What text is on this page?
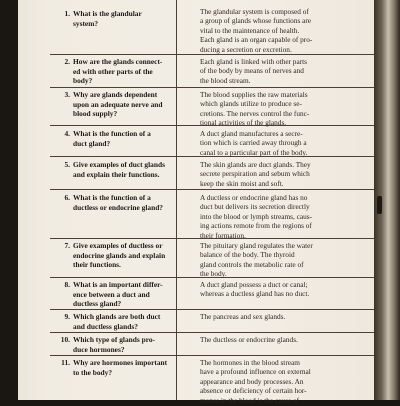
1. What is the glandular
system?
The glandular system is composed of
a group of glands whose functions are
vital to the maintenance of health.
Each gland is an organ capable of pro-
ducing a secretion or excretion.
2. How are the glands connect-
ed with other parts of the
body?
Each gland is linked with other parts
of the body by means of nerves and
the blood stream.
3. Why are glands dependent
upon an adequate nerve and
blood supply?
The blood supplies the raw materials
which glands utilize to produce se-
cretions. The nerves control the func-
tional activities of the glands.
4. What is the function of a
duct gland?
A duct gland manufactures a secre-
tion which is carried away through a
canal to a particular part of the body.
5. Give examples of duct glands
and explain their functions.
The skin glands are duct glands. They
secrete perspiration and sebum which
keep the skin moist and soft.
6. What is the function of a
ductless or endocrine gland?
A ductless or endocrine gland has no
duct but delivers its secretion directly
into the blood or lymph streams, caus-
ing actions remote from the regions of
their formation.
7. Give examples of ductless or
endocrine glands and explain
their functions.
The pituitary gland regulates the water
balance of the body. The thyroid
gland controls the metabolic rate of
the body.
8. What is an important differ-
ence between a duct and
ductless gland?
A duct gland possess a duct or canal;
whereas a ductless gland has no duct.
9. Which glands are both duct
and ductless glands?
The pancreas and sex glands.
10. Which type of glands pro-
duce hormones?
The ductless or endocrine glands.
11. Why are hormones important
to the body?
The hormones in the blood stream
have a profound influence on external
appearance and body processes. An
absence or deficiency of certain hor-
mones in the blood is the cause of
